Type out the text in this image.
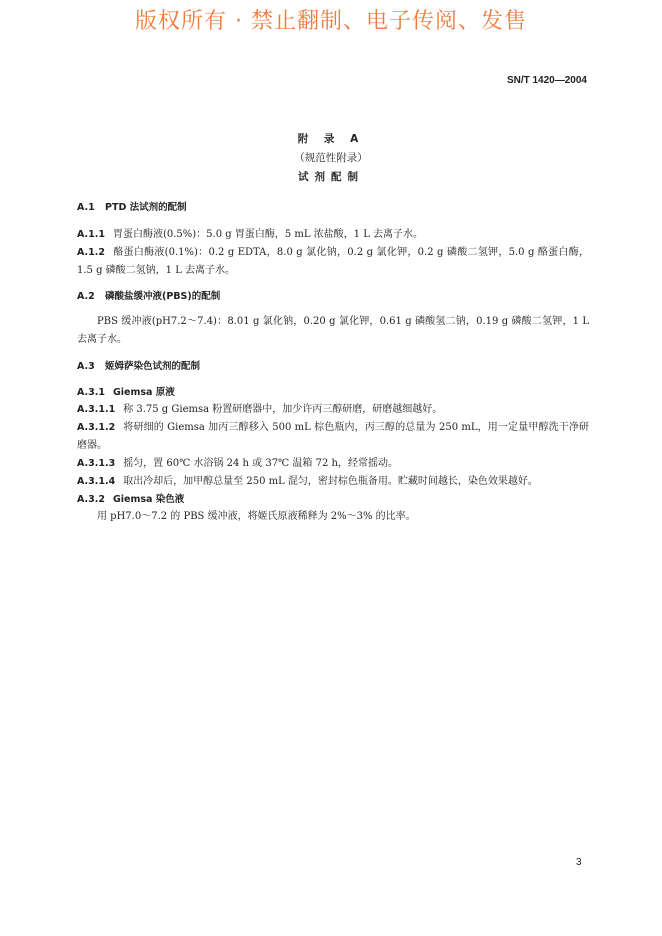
版权所有 · 禁止翻制、电子传阅、发售
SN/T 1420—2004
附 录 A
（规范性附录）
试剂配制
A.1 PTD 法试剂的配制
A.1.1 胃蛋白酶液(0.5%)：5.0 g 胃蛋白酶，5 mL 浓盐酸，1 L 去离子水。
A.1.2 酪蛋白酶液(0.1%)：0.2 g EDTA，8.0 g 氯化钠，0.2 g 氯化钾，0.2 g 磷酸二氢钾，5.0 g 酪蛋白酶，1.5 g 磷酸二氢钠，1 L 去离子水。
A.2 磷酸盐缓冲液(PBS)的配制
PBS 缓冲液(pH7.2～7.4)：8.01 g 氯化钠，0.20 g 氯化钾，0.61 g 磷酸氢二钠，0.19 g 磷酸二氢钾，1 L 去离子水。
A.3 姬姆萨染色试剂的配制
A.3.1 Giemsa 原液
A.3.1.1 称 3.75 g Giemsa 粉置研磨器中，加少许丙三醇研磨，研磨越细越好。
A.3.1.2 将研细的 Giemsa 加丙三醇移入 500 mL 棕色瓶内，丙三醇的总量为 250 mL，用一定量甲醇洗干净研磨器。
A.3.1.3 摇匀，置 60℃ 水浴锅 24 h 或 37℃ 温箱 72 h，经常摇动。
A.3.1.4 取出冷却后，加甲醇总量至 250 mL 混匀，密封棕色瓶备用。贮藏时间越长，染色效果越好。
A.3.2 Giemsa 染色液
用 pH7.0～7.2 的 PBS 缓冲液，将姬氏原液稀释为 2%～3% 的比率。
3
